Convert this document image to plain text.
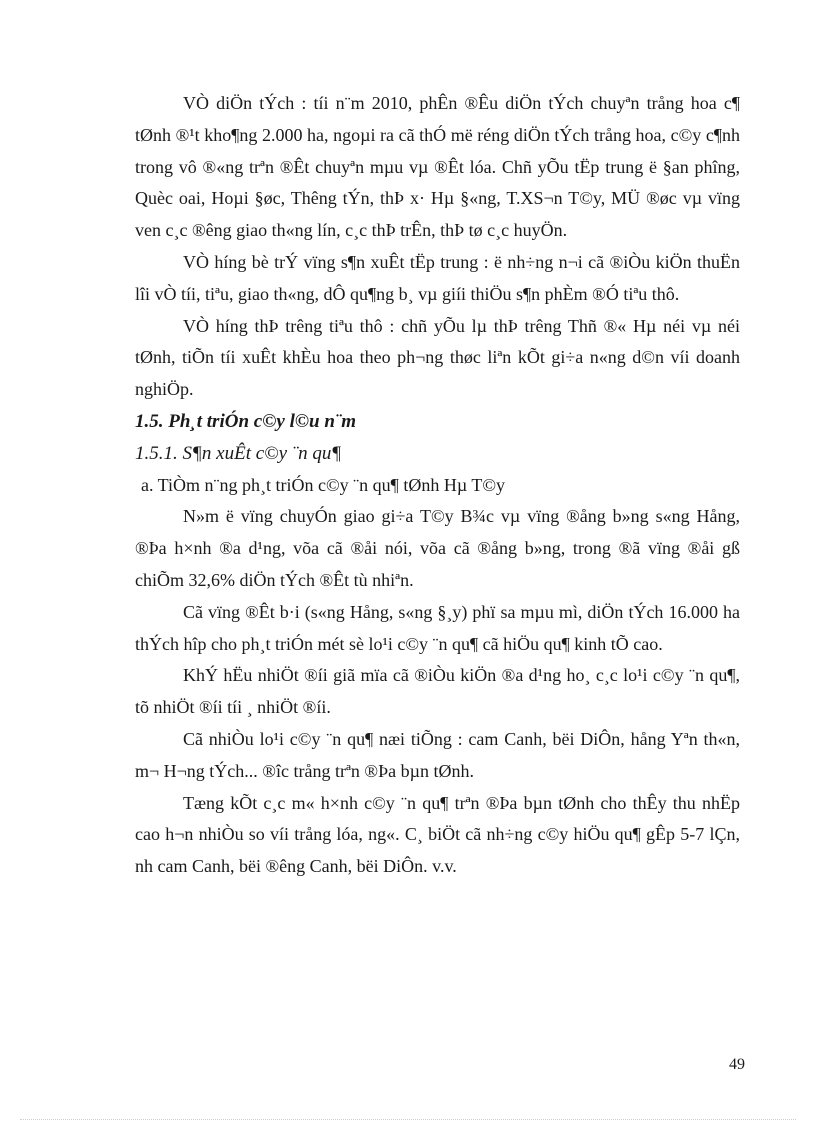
VÒ diÖn tÝch : tíi n¨m 2010, phÊn ®Êu diÖn tÝch chuyªn trång hoa c¶ tØnh ®¹t kho¶ng 2.000 ha, ngoµi ra cã thÓ më réng diÖn tÝch trång hoa, c©y c¶nh trong vô ®«ng trªn ®Êt chuyªn mµu vµ ®Êt lóa. Chñ yÕu tËp trung ë §an phîng, Quèc oai, Hoµi §øc, Thêng tÝn, thÞ x· Hµ §«ng, T.XS¬n T©y, MÜ ®øc vµ vïng ven c¸c ®êng giao th«ng lín, c¸c thÞ trÊn, thÞ tø c¸c huyÖn.

VÒ híng bè trÝ vïng s¶n xuÊt tËp trung : ë nh÷ng n¬i cã ®iÒu kiÖn thuËn lîi vÒ tíi, tiªu, giao th«ng, dÔ qu¶ng b¸ vµ giíi thiÖu s¶n phÈm ®Ó tiªu thô.

VÒ híng thÞ trêng tiªu thô : chñ yÕu lµ thÞ trêng Thñ ®« Hµ néi vµ néi tØnh, tiÕn tíi xuÊt khÈu hoa theo ph¬ng thøc liªn kÕt gi÷a n«ng d©n víi doanh nghiÖp.

1.5. Ph¸t triÓn c©y l©u n¨m

1.5.1. S¶n xuÊt c©y ¨n qu¶

a. TiÒm n¨ng ph¸t triÓn c©y ¨n qu¶ tØnh Hµ T©y

N»m ë vïng chuyÓn giao gi÷a T©y B¾c vµ vïng ®ång b»ng s«ng Hång, ®Þa h×nh ®a d¹ng, võa cã ®åi nói, võa cã ®ång b»ng, trong ®ã vïng ®åi gß chiÕm 32,6% diÖn tÝch ®Êt tù nhiªn.

Cã vïng ®Êt b·i (s«ng Hång, s«ng §¸y) phï sa mµu mì, diÖn tÝch 16.000 ha thÝch hîp cho ph¸t triÓn mét sè lo¹i c©y ¨n qu¶ cã hiÖu qu¶ kinh tÕ cao.

KhÝ hËu nhiÖt ®íi giã mïa cã ®iÒu kiÖn ®a d¹ng ho¸ c¸c lo¹i c©y ¨n qu¶, tõ nhiÖt ®íi tíi ¸ nhiÖt ®íi.

Cã nhiÒu lo¹i c©y ¨n qu¶ næi tiÕng : cam Canh, bëi DiÔn, hång Yªn th«n, m¬ H¬ng tÝch... ®îc trång trªn ®Þa bµn tØnh.

Tæng kÕt c¸c m« h×nh c©y ¨n qu¶ trªn ®Þa bµn tØnh cho thÊy thu nhËp cao h¬n nhiÒu so víi trång lóa, ng«. C¸ biÖt cã nh÷ng c©y hiÖu qu¶ gÊp 5-7 lÇn, nh cam Canh, bëi ®êng Canh, bëi DiÔn. v.v.

49
